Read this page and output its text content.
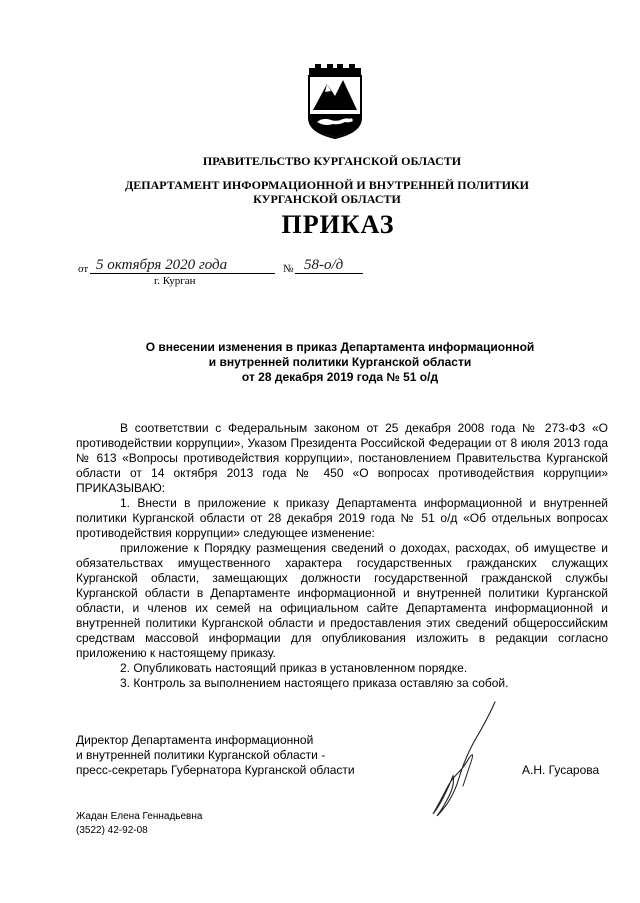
ПРАВИТЕЛЬСТВО КУРГАНСКОЙ ОБЛАСТИ
ДЕПАРТАМЕНТ ИНФОРМАЦИОННОЙ И ВНУТРЕННЕЙ ПОЛИТИКИ
КУРГАНСКОЙ ОБЛАСТИ
ПРИКАЗ
от 5 октября 2020 года	№ 58-о/д
г. Курган
О внесении изменения в приказ Департамента информационной
и внутренней политики Курганской области
от 28 декабря 2019 года № 51 о/д

В соответствии с Федеральным законом от 25 декабря 2008 года № 273-ФЗ «О противодействии коррупции», Указом Президента Российской Федерации от 8 июля 2013 года № 613 «Вопросы противодействия коррупции», постановлением Правительства Курганской области от 14 октября 2013 года № 450 «О вопросах противодействия коррупции» ПРИКАЗЫВАЮ:

1. Внести в приложение к приказу Департамента информационной и внутренней политики Курганской области от 28 декабря 2019 года № 51 о/д «Об отдельных вопросах противодействия коррупции» следующее изменение:

приложение к Порядку размещения сведений о доходах, расходах, об имуществе и обязательствах имущественного характера государственных гражданских служащих Курганской области, замещающих должности государственной гражданской службы Курганской области в Департаменте информационной и внутренней политики Курганской области, и членов их семей на официальном сайте Департамента информационной и внутренней политики Курганской области и предоставления этих сведений общероссийским средствам массовой информации для опубликования изложить в редакции согласно приложению к настоящему приказу.

2. Опубликовать настоящий приказ в установленном порядке.

3. Контроль за выполнением настоящего приказа оставляю за собой.

Директор Департамента информационной
и внутренней политики Курганской области -
пресс-секретарь Губернатора Курганской области	А.Н. Гусарова
Жадан Елена Геннадьевна
(3522) 42-92-08
